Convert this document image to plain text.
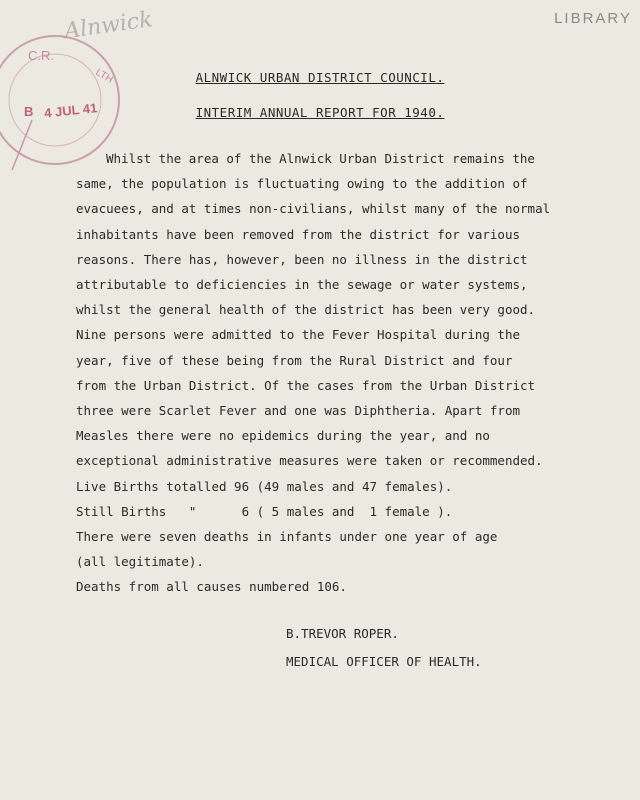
LIBRARY
Alnwick
C.R.
LTH
B 4 JUL 41
ALNWICK URBAN DISTRICT COUNCIL.
INTERIM ANNUAL REPORT FOR 1940.
Whilst the area of the Alnwick Urban District remains the
same, the population is fluctuating owing to the addition of
evacuees, and at times non-civilians, whilst many of the normal
inhabitants have been removed from the district for various
reasons. There has, however, been no illness in the district
attributable to deficiencies in the sewage or water systems,
whilst the general health of the district has been very good.
Nine persons were admitted to the Fever Hospital during the
year, five of these being from the Rural District and four
from the Urban District. Of the cases from the Urban District
three were Scarlet Fever and one was Diphtheria. Apart from
Measles there were no epidemics during the year, and no
exceptional administrative measures were taken or recommended.
Live Births totalled 96 (49 males and 47 females).
Still Births   "      6 ( 5 males and  1 female ).
There were seven deaths in infants under one year of age
(all legitimate).
Deaths from all causes numbered 106.
B.TREVOR ROPER.
MEDICAL OFFICER OF HEALTH.
